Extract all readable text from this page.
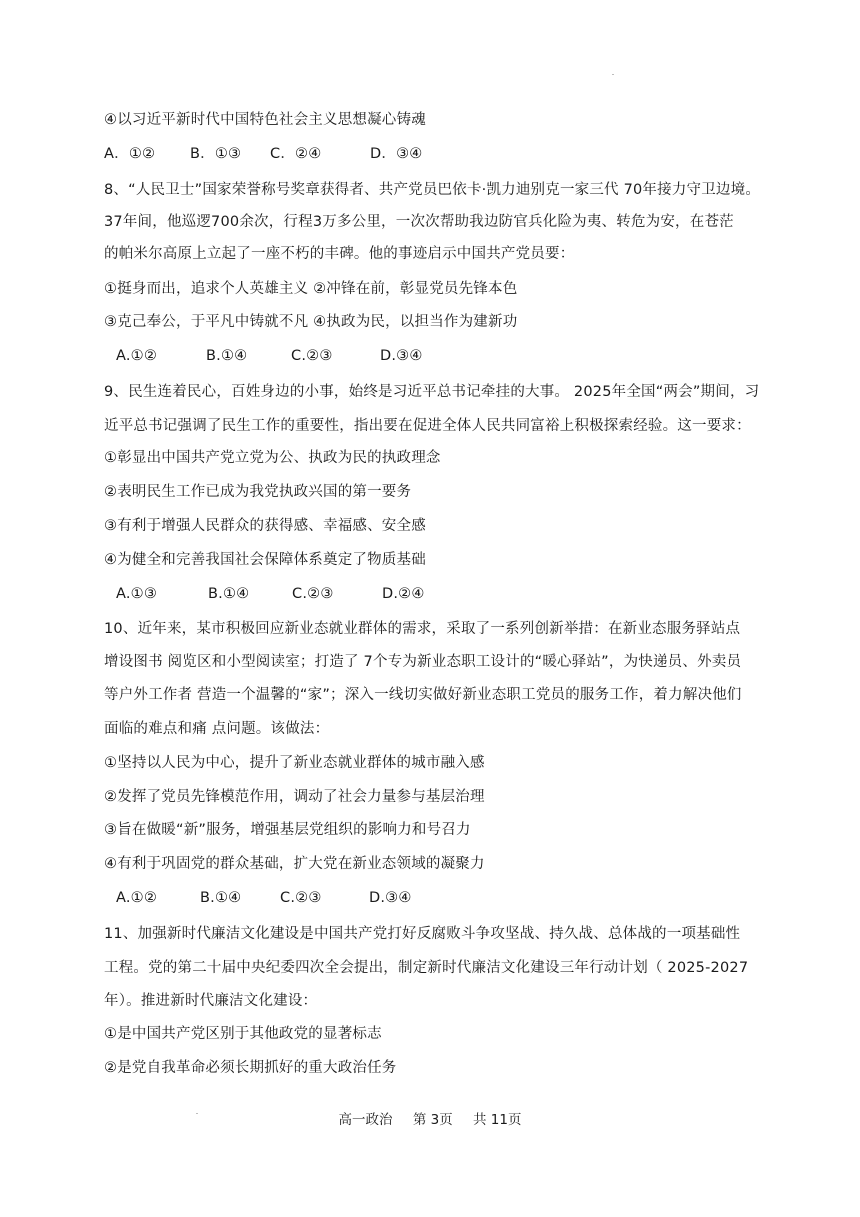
④以习近平新时代中国特色社会主义思想凝心铸魂
A．①② B．①③ C．②④	D．③④
8、“人民卫士”国家荣誉称号奖章获得者、共产党员巴依卡·凯力迪别克一家三代 70年接力守卫边境。
37年间，他巡逻700余次，行程3万多公里，一次次帮助我边防官兵化险为夷、转危为安，在苍茫
的帕米尔高原上立起了一座不朽的丰碑。他的事迹启示中国共产党员要：
①挺身而出，追求个人英雄主义 ②冲锋在前，彰显党员先锋本色
③克己奉公，于平凡中铸就不凡 ④执政为民，以担当作为建新功
A.①②	B.①④	C.②③	D.③④
9、民生连着民心，百姓身边的小事，始终是习近平总书记牵挂的大事。 2025年全国“两会”期间，习
近平总书记强调了民生工作的重要性，指出要在促进全体人民共同富裕上积极探索经验。这一要求：
①彰显出中国共产党立党为公、执政为民的执政理念
②表明民生工作已成为我党执政兴国的第一要务
③有利于增强人民群众的获得感、幸福感、安全感
④为健全和完善我国社会保障体系奠定了物质基础
A.①③	B.①④	C.②③	D.②④
10、近年来，某市积极回应新业态就业群体的需求，采取了一系列创新举措：在新业态服务驿站点
增设图书 阅览区和小型阅读室；打造了 7个专为新业态职工设计的“暖心驿站”，为快递员、外卖员
等户外工作者 营造一个温馨的“家”；深入一线切实做好新业态职工党员的服务工作，着力解决他们
面临的难点和痛 点问题。该做法：
①坚持以人民为中心，提升了新业态就业群体的城市融入感
②发挥了党员先锋模范作用，调动了社会力量参与基层治理
③旨在做暖“新”服务，增强基层党组织的影响力和号召力
④有利于巩固党的群众基础，扩大党在新业态领域的凝聚力
A.①②	B.①④	C.②③	D.③④
11、加强新时代廉洁文化建设是中国共产党打好反腐败斗争攻坚战、持久战、总体战的一项基础性
工程。党的第二十届中央纪委四次全会提出，制定新时代廉洁文化建设三年行动计划（ 2025-2027
年）。推进新时代廉洁文化建设：
①是中国共产党区别于其他政党的显著标志
②是党自我革命必须长期抓好的重大政治任务
高一政治 第 3页 共 11页
